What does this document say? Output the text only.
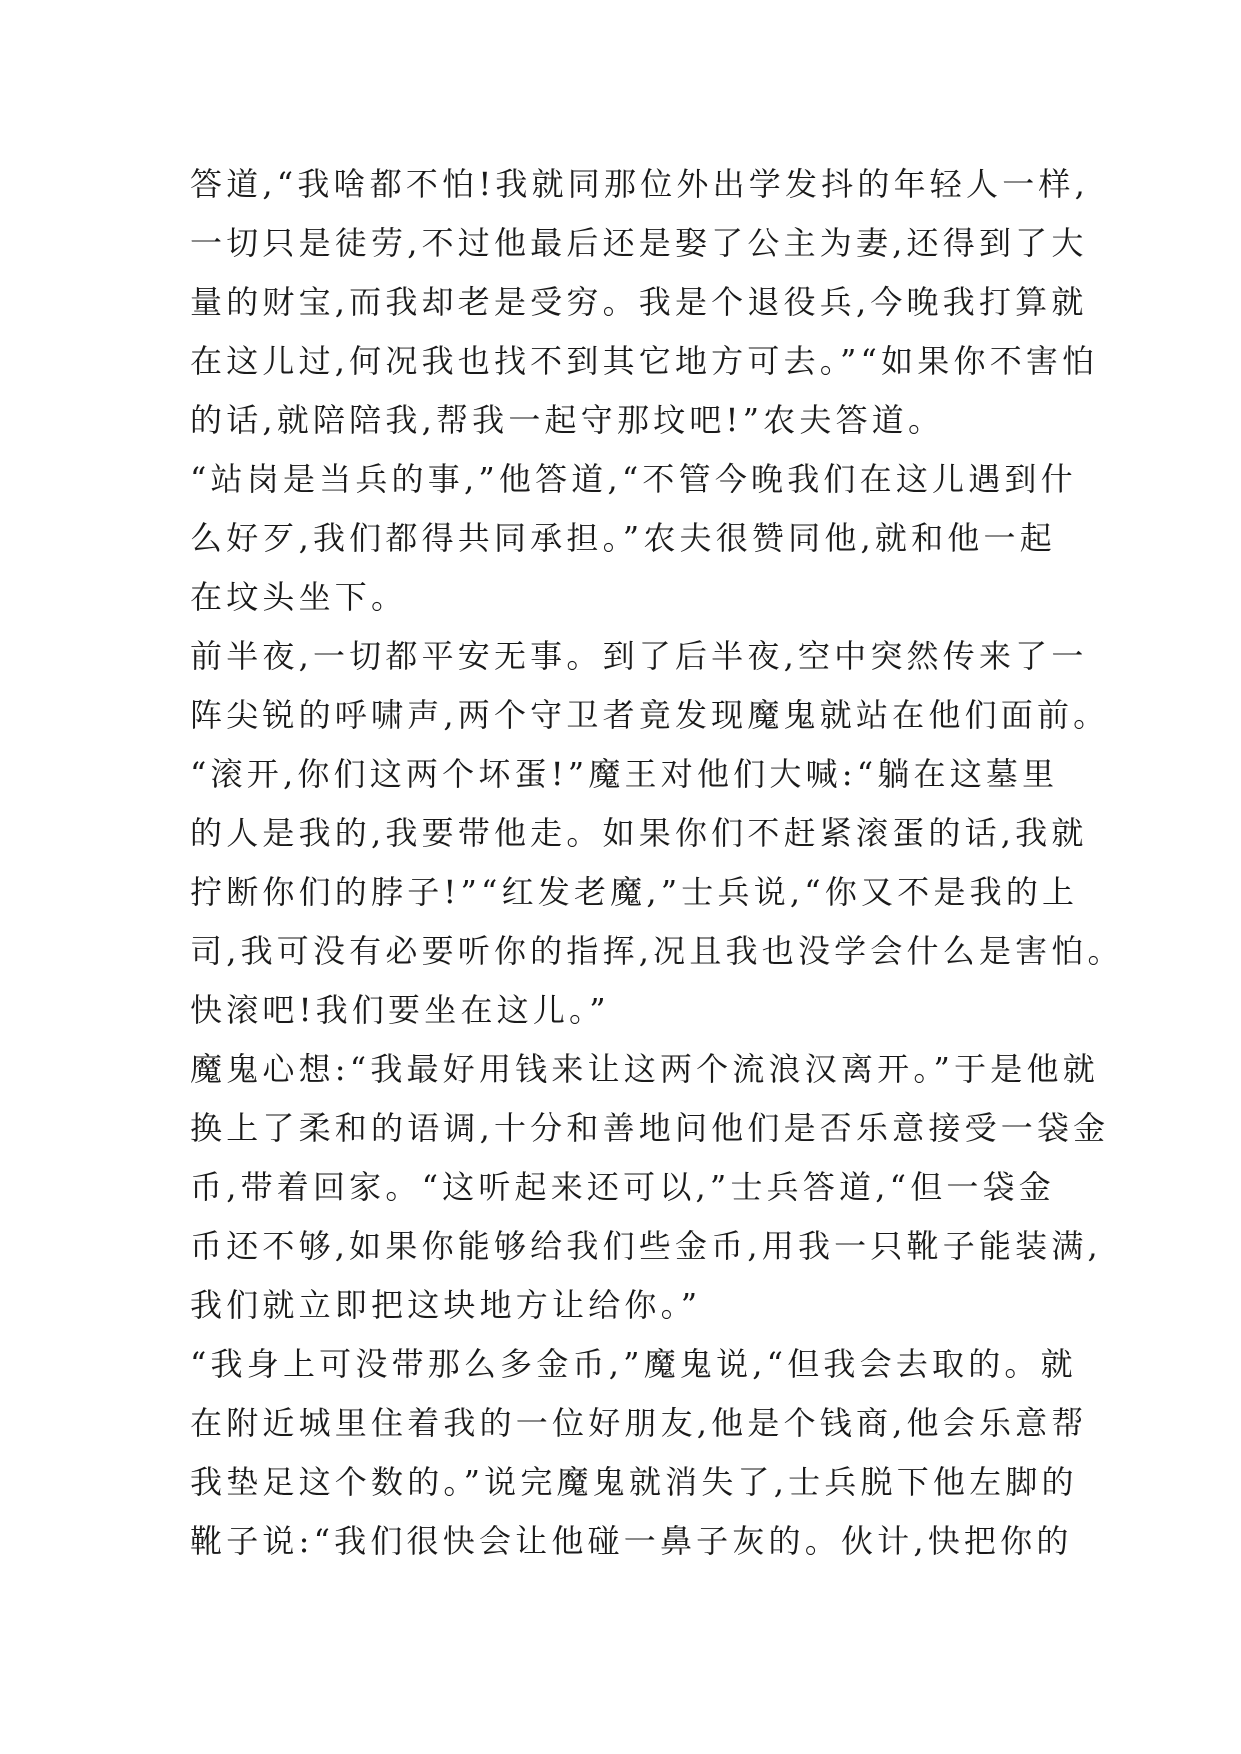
答道,“我啥都不怕!我就同那位外出学发抖的年轻人一样,
一切只是徒劳,不过他最后还是娶了公主为妻,还得到了大
量的财宝,而我却老是受穷。我是个退役兵,今晚我打算就
在这儿过,何况我也找不到其它地方可去。”“如果你不害怕
的话,就陪陪我,帮我一起守那坟吧!”农夫答道。
“站岗是当兵的事,”他答道,“不管今晚我们在这儿遇到什
么好歹,我们都得共同承担。”农夫很赞同他,就和他一起
在坟头坐下。
前半夜,一切都平安无事。到了后半夜,空中突然传来了一
阵尖锐的呼啸声,两个守卫者竟发现魔鬼就站在他们面前。
“滚开,你们这两个坏蛋!”魔王对他们大喊:“躺在这墓里
的人是我的,我要带他走。如果你们不赶紧滚蛋的话,我就
拧断你们的脖子!”“红发老魔,”士兵说,“你又不是我的上
司,我可没有必要听你的指挥,况且我也没学会什么是害怕。
快滚吧!我们要坐在这儿。”
魔鬼心想:“我最好用钱来让这两个流浪汉离开。”于是他就
换上了柔和的语调,十分和善地问他们是否乐意接受一袋金
币,带着回家。“这听起来还可以,”士兵答道,“但一袋金
币还不够,如果你能够给我们些金币,用我一只靴子能装满,
我们就立即把这块地方让给你。”
“我身上可没带那么多金币,”魔鬼说,“但我会去取的。就
在附近城里住着我的一位好朋友,他是个钱商,他会乐意帮
我垫足这个数的。”说完魔鬼就消失了,士兵脱下他左脚的
靴子说:“我们很快会让他碰一鼻子灰的。伙计,快把你的
